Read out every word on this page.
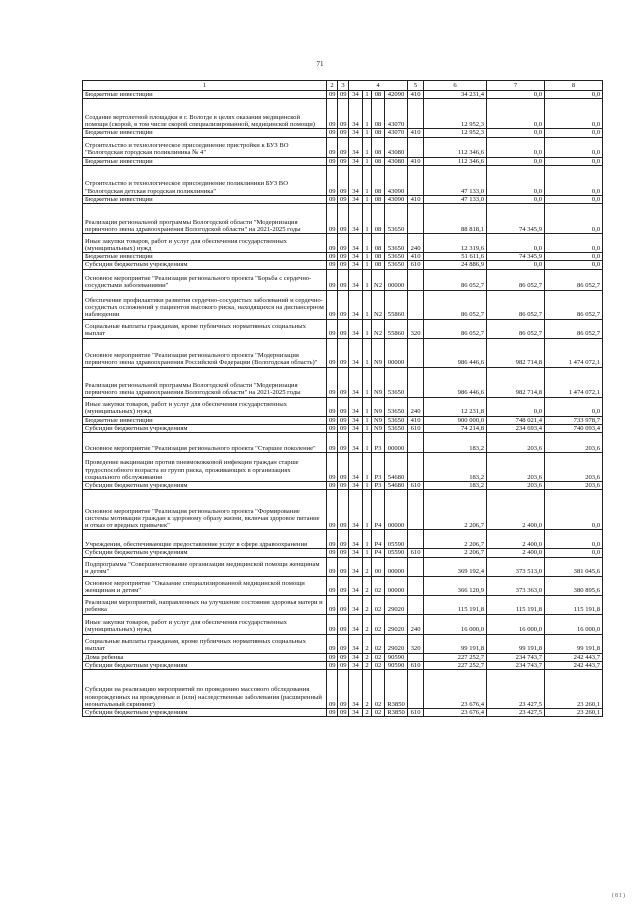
71
1	2	3	4				5	6	7	8
Бюджетные инвестиции	09	09	34	1	08	42090	410	34 231,4	0,0	0,0
Создание вертолетной площадки в г. Вологде в целях оказания медицинской помощи (скорой, в том числе скорой специализированной, медицинской помощи)	09	09	34	1	08	43070		12 952,3	0,0	0,0
Бюджетные инвестиции	09	09	34	1	08	43070	410	12 952,3	0,0	0,0
Строительство и технологическое присоединение пристройки к БУЗ ВО "Вологодская городская поликлиника № 4"	09	09	34	1	08	43080		112 346,6	0,0	0,0
Бюджетные инвестиции	09	09	34	1	08	43080	410	112 346,6	0,0	0,0
Строительство и технологическое присоединение поликлиники БУЗ ВО "Вологодская детская городская поликлиника"	09	09	34	1	08	43090		47 133,0	0,0	0,0
Бюджетные инвестиции	09	09	34	1	08	43090	410	47 133,0	0,0	0,0
Реализация региональной программы Вологодской области "Модернизация первичного звена здравоохранения Вологодской области" на 2021-2025 годы	09	09	34	1	08	53650		88 818,1	74 345,9	0,0
Иные закупки товаров, работ и услуг для обеспечения государственных (муниципальных) нужд	09	09	34	1	08	53650	240	12 319,6	0,0	0,0
Бюджетные инвестиции	09	09	34	1	08	53650	410	51 611,6	74 345,9	0,0
Субсидии бюджетным учреждениям	09	09	34	1	08	53650	610	24 886,9	0,0	0,0
Основное мероприятие "Реализация регионального проекта "Борьба с сердечно-сосудистыми заболеваниями"	09	09	34	1	N2	00000		86 052,7	86 052,7	86 052,7
Обеспечение профилактики развития сердечно-сосудистых заболеваний и сердечно-сосудистых осложнений у пациентов высокого риска, находящихся на диспансерном наблюдении	09	09	34	1	N2	55860		86 052,7	86 052,7	86 052,7
Социальные выплаты гражданам, кроме публичных нормативных социальных выплат	09	09	34	1	N2	55860	320	86 052,7	86 052,7	86 052,7
Основное мероприятие "Реализация регионального проекта "Модернизация первичного звена здравоохранения Российской Федерации (Вологодская область)"	09	09	34	1	N9	00000		986 446,6	982 714,8	1 474 072,1
Реализация региональной программы Вологодской области "Модернизация первичного звена здравоохранения Вологодской области" на 2021-2025 годы	09	09	34	1	N9	53650		986 446,6	982 714,8	1 474 072,1
Иные закупки товаров, работ и услуг для обеспечения государственных (муниципальных) нужд	09	09	34	1	N9	53650	240	12 231,8	0,0	0,0
Бюджетные инвестиции	09	09	34	1	N9	53650	410	900 000,0	748 021,4	733 978,7
Субсидии бюджетным учреждениям	09	09	34	1	N9	53650	610	74 214,8	234 693,4	740 093,4
Основное мероприятие "Реализация регионального проекта "Старшее поколение"	09	09	34	1	P3	00000		183,2	203,6	203,6
Проведение вакцинации против пневмококковой инфекции граждан старше трудоспособного возраста из групп риска, проживающих в организациях социального обслуживания	09	09	34	1	P3	54680		183,2	203,6	203,6
Субсидии бюджетным учреждениям	09	09	34	1	P3	54680	610	183,2	203,6	203,6
Основное мероприятие "Реализация регионального проекта "Формирование системы мотивации граждан к здоровому образу жизни, включая здоровое питание и отказ от вредных привычек"	09	09	34	1	P4	00000		2 206,7	2 400,0	0,0
Учреждения, обеспечивающие предоставление услуг в сфере здравоохранения	09	09	34	1	P4	05590		2 206,7	2 400,0	0,0
Субсидии бюджетным учреждениям	09	09	34	1	P4	05590	610	2 206,7	2 400,0	0,0
Подпрограмма "Совершенствование организации медицинской помощи женщинам и детям"	09	09	34	2	00	00000		369 192,4	373 513,0	381 045,6
Основное мероприятие "Оказание специализированной медицинской помощи женщинам и детям"	09	09	34	2	02	00000		366 120,9	373 363,0	380 895,6
Реализация мероприятий, направленных на улучшение состояния здоровья матери и ребенка	09	09	34	2	02	29020		115 191,8	115 191,8	115 191,8
Иные закупки товаров, работ и услуг для обеспечения государственных (муниципальных) нужд	09	09	34	2	02	29020	240	16 000,0	16 000,0	16 000,0
Социальные выплаты гражданам, кроме публичных нормативных социальных выплат	09	09	34	2	02	29020	320	99 191,8	99 191,8	99 191,8
Дома ребенка	09	09	34	2	02	90590		227 252,7	234 743,7	242 443,7
Субсидии бюджетным учреждениям	09	09	34	2	02	90590	610	227 252,7	234 743,7	242 443,7
Субсидии на реализацию мероприятий по проведению массового обследования новорожденных на врожденные и (или) наследственные заболевания (расширенный неонатальный скрининг)	09	09	34	2	02	R3850		23 676,4	23 427,5	23 260,1
Субсидии бюджетным учреждениям	09	09	34	2	02	R3850	610	23 676,4	23 427,5	23 260,1
(81)
